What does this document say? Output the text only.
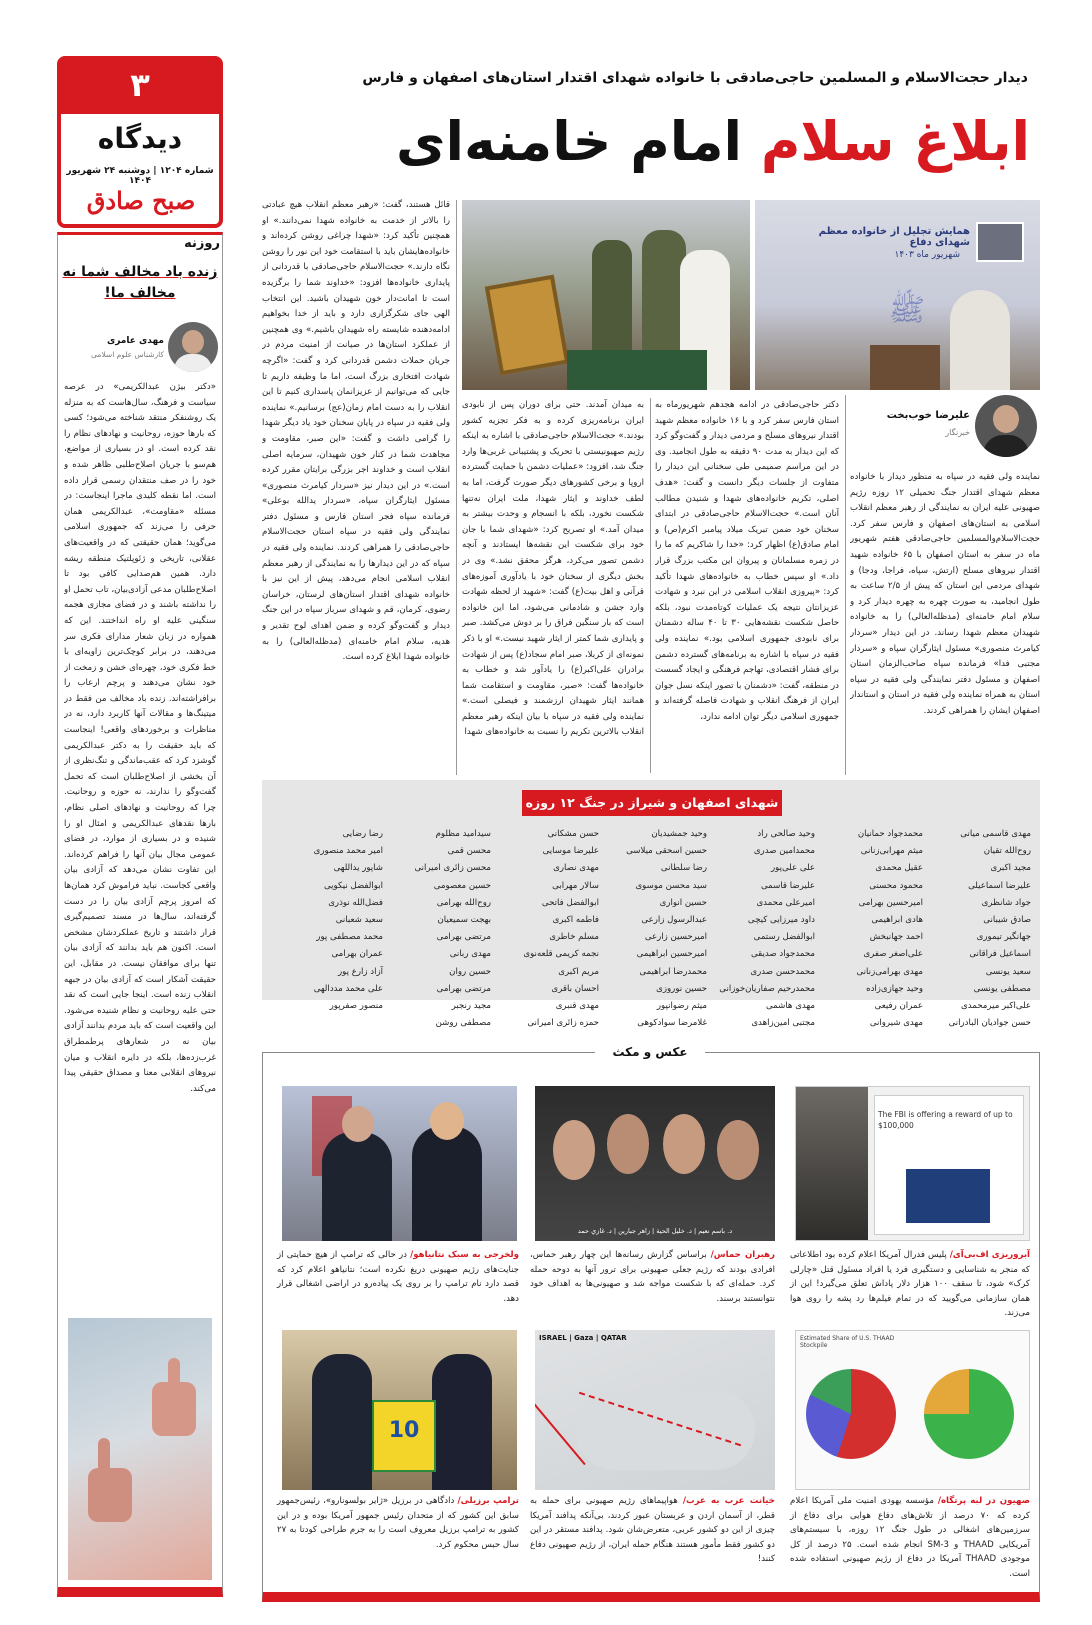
۳
دیدگاه
شماره ۱۲۰۴ | دوشنبه ۲۴ شهریور ۱۴۰۴
صبح صادق
دیدار حجت‌الاسلام و المسلمین حاجی‌صادقی با خانواده شهدای اقتدار استان‌های اصفهان و فارس
ابلاغ سلام امام خامنه‌ای
همایش تجلیل از خانواده معظم شهدای دفاع
شهریور ماه ۱۴۰۳
ﷺ
علیرضا خوب‌بخت
خبرنگار
نماینده ولی فقیه در سپاه به منظور دیدار با خانواده معظم شهدای اقتدار جنگ تحمیلی ۱۲ روزه رژیم صهیونی علیه ایران به نمایندگی از رهبر معظم انقلاب اسلامی به استان‌های اصفهان و فارس سفر کرد. حجت‌الاسلام‌والمسلمین حاجی‌صادقی هفتم شهریور ماه در سفر به استان اصفهان با ۶۵ خانواده شهید اقتدار نیروهای مسلح (ارتش، سپاه، فراجا، ودجا) و شهدای مردمی این استان که پیش از ۲/۵ ساعت به طول انجامید، به صورت چهره به چهره دیدار کرد و سلام امام خامنه‌ای (مدظله‌العالی) را به خانواده شهیدان معظم شهدا رساند. در این دیدار «سردار کیامرث منصوری» مسئول ایثارگران سپاه و «سردار مجتبی فدا» فرمانده سپاه صاحب‌الزمان استان اصفهان و مسئول دفتر نمایندگی ولی فقیه در سپاه استان به همراه نماینده ولی فقیه در استان و استاندار اصفهان ایشان را همراهی کردند.
دکتر حاجی‌صادقی در ادامه هجدهم شهریورماه به استان فارس سفر کرد و با ۱۶ خانواده معظم شهید اقتدار نیروهای مسلح و مردمی دیدار و گفت‌وگو کرد که این دیدار به مدت ۹۰ دقیقه به طول انجامید. وی در این مراسم صمیمی طی سخنانی این دیدار را متفاوت از جلسات دیگر دانست و گفت: «هدف اصلی، تکریم خانواده‌های شهدا و شنیدن مطالب آنان است.» حجت‌الاسلام حاجی‌صادقی در ابتدای سخنان خود ضمن تبریک میلاد پیامبر اکرم(ص) و امام صادق(ع) اظهار کرد: «خدا را شاکریم که ما را در زمره مسلمانان و پیروان این مکتب بزرگ قرار داد.» او سپس خطاب به خانواده‌های شهدا تأکید کرد: «پیروزی انقلاب اسلامی در این نبرد و شهادت عزیزانتان نتیجه یک عملیات کوتاه‌مدت نبود، بلکه حاصل شکست نقشه‌هایی ۳۰ تا ۴۰ ساله دشمنان برای نابودی جمهوری اسلامی بود.» نماینده ولی فقیه در سپاه با اشاره به برنامه‌های گسترده دشمن برای فشار اقتصادی، تهاجم فرهنگی و ایجاد گسست در منطقه، گفت: «دشمنان با تصور اینکه نسل جوان ایران از فرهنگ انقلاب و شهادت فاصله گرفته‌اند و جمهوری اسلامی دیگر توان ادامه ندارد،
به میدان آمدند. حتی برای دوران پس از نابودی ایران برنامه‌ریزی کرده و به فکر تجزیه کشور بودند.» حجت‌الاسلام حاجی‌صادقی با اشاره به اینکه رژیم صهیونیستی با تحریک و پشتیبانی غربی‌ها وارد جنگ شد، افزود: «عملیات دشمن با حمایت گسترده اروپا و برخی کشورهای دیگر صورت گرفت، اما به لطف خداوند و ایثار شهدا، ملت ایران نه‌تنها شکست نخورد، بلکه با انسجام و وحدت بیشتر به میدان آمد.» او تصریح کرد: «شهدای شما با جان خود برای شکست این نقشه‌ها ایستادند و آنچه دشمن تصور می‌کرد، هرگز محقق نشد.» وی در بخش دیگری از سخنان خود با یادآوری آموزه‌های قرآنی و اهل بیت(ع) گفت: «شهید از لحظه شهادت وارد جشن و شادمانی می‌شود، اما این خانواده است که بار سنگین فراق را بر دوش می‌کشد. صبر و پایداری شما کمتر از ایثار شهید نیست.» او با ذکر نمونه‌ای از کربلا، صبر امام سجاد(ع) پس از شهادت برادران علی‌اکبر(ع) را یادآور شد و خطاب به خانواده‌ها گفت: «صبر، مقاومت و استقامت شما همانند ایثار شهیدان ارزشمند و فیصلی است.» نماینده ولی فقیه در سپاه با بیان اینکه رهبر معظم انقلاب بالاترین تکریم را نسبت به خانواده‌های شهدا
قائل هستند، گفت: «رهبر معظم انقلاب هیچ عبادتی را بالاتر از خدمت به خانواده شهدا نمی‌دانند.» او همچنین تأکید کرد: «شهدا چراغی روشن کرده‌اند و خانواده‌هایشان باید با استقامت خود این نور را روشن نگاه دارند.» حجت‌الاسلام حاجی‌صادقی با قدردانی از پایداری خانواده‌ها افزود: «خداوند شما را برگزیده است تا امانت‌دار خون شهیدان باشید. این انتخاب الهی جای شکرگزاری دارد و باید از خدا بخواهیم ادامه‌دهنده شایسته راه شهیدان باشیم.» وی همچنین از عملکرد استان‌ها در صیانت از امنیت مردم در جریان حملات دشمن قدردانی کرد و گفت: «اگرچه شهادت افتخاری بزرگ است، اما ما وظیفه داریم تا جایی که می‌توانیم از عزیزانمان پاسداری کنیم تا این انقلاب را به دست امام زمان(عج) برسانیم.» نماینده ولی فقیه در سپاه در پایان سخنان خود یاد دیگر شهدا را گرامی داشت و گفت: «این صبر، مقاومت و مجاهدت شما در کنار خون شهیدان، سرمایه اصلی انقلاب است و خداوند اجر بزرگی برایتان مقرر کرده است.» در این دیدار نیز «سردار کیامرث منصوری» مسئول ایثارگران سپاه، «سردار یدالله بوعلی» فرمانده سپاه فجر استان فارس و مسئول دفتر نمایندگی ولی فقیه در سپاه استان حجت‌الاسلام حاجی‌صادقی را همراهی کردند. نماینده ولی فقیه در سپاه که در این دیدارها را به نمایندگی از رهبر معظم انقلاب اسلامی انجام می‌دهد، پیش از این نیز با خانواده شهدای اقتدار استان‌های لرستان، خراسان رضوی، کرمان، قم و شهدای سرباز سپاه در این جنگ دیدار و گفت‌وگو کرده و ضمن اهدای لوح تقدیر و هدیه، سلام امام خامنه‌ای (مدظله‌العالی) را به خانواده شهدا ابلاغ کرده است.
روزنه
زنده باد مخالف شما نه مخالف ما!
مهدی عامری
کارشناس علوم اسلامی
«دکتر بیژن عبدالکریمی» در عرصه سیاست و فرهنگ، سال‌هاست که به منزله یک روشنفکر منتقد شناخته می‌شود؛ کسی که بارها حوزه، روحانیت و نهادهای نظام را نقد کرده است. او در بسیاری از مواضع، هم‌سو با جریان اصلاح‌طلبی ظاهر شده و خود را در صف منتقدان رسمی قرار داده است. اما نقطه کلیدی ماجرا اینجاست: در مسئله «مقاومت»، عبدالکریمی همان حرفی را می‌زند که جمهوری اسلامی می‌گوید؛ همان حقیقتی که در واقعیت‌های عقلانی، تاریخی و ژئوپلتیک منطقه ریشه دارد. همین هم‌صدایی کافی بود تا اصلاح‌طلبان مدعی آزادی‌بیان، تاب تحمل او را نداشته باشند و در فضای مجازی هجمه سنگینی علیه او راه انداختند. این که همواره در زبان شعار مدارای فکری سر می‌دهند، در برابر کوچک‌ترین زاویه‌ای با خط فکری خود، چهره‌ای خشن و زمخت از خود نشان می‌دهند و پرچم ارعاب را برافراشته‌اند. زنده باد مخالف من فقط در میتینگ‌ها و مقالات آنها کاربرد دارد، نه در مناظرات و برخوردهای واقعی! اینجاست که باید حقیقت را به دکتر عبدالکریمی گوشزد کرد که عقب‌ماندگی و تنگ‌نظری از آن بخشی از اصلاح‌طلبان است که تحمل گفت‌وگو را ندارند، نه حوزه و روحانیت. چرا که روحانیت و نهادهای اصلی نظام، بارها نقدهای عبدالکریمی و امثال او را شنیده و در بسیاری از موارد، در فضای عمومی مجال بیان آنها را فراهم کرده‌اند. این تفاوت نشان می‌دهد که آزادی بیان واقعی کجاست. نباید فراموش کرد همان‌ها که امروز پرچم آزادی بیان را در دست گرفته‌اند، سال‌ها در مسند تصمیم‌گیری قرار داشتند و تاریخ عملکردشان مشخص است. اکنون هم باید بدانند که آزادی بیان تنها برای موافقان نیست. در مقابل، این حقیقت آشکار است که آزادی بیان در جبهه انقلاب زنده است. اینجا جایی است که نقد حتی علیه روحانیت و نظام شنیده می‌شود. این واقعیت است که باید مردم بدانند آزادی بیان نه در شعارهای پرطمطراق غرب‌زده‌ها، بلکه در دایره انقلاب و میان نیروهای انقلابی معنا و مصداق حقیقی پیدا می‌کند.
شهدای اصفهان و شیراز در جنگ ۱۲ روزه
مهدی قاسمی میانی
روح‌الله تقیان
مجید اکبری
علیرضا اسماعیلی
جواد شانظری
صادق شیبانی
جهانگیر تیموری
اسماعیل فراقانی
سعید یونسی
مصطفی یونسی
علی‌اکبر میرمحمدی
حسن جوادیان البادرانی
محمدجواد حمانیان
میثم مهرابی‌زنانی
عقیل محمدی
محمود محسنی
امیرحسین بهرامی
هادی ابراهیمی
احمد جهانبخش
علی‌اصغر صفری
مهدی بهرامی‌زنانی
وحید جهازی‌زاده
عمران رفیعی
مهدی شیروانی
وحید صالحی راد
محمدامین صدری
علی علی‌پور
علیرضا قاسمی
امیرعلی محمدی
داود میرزایی کیچی
ابوالفضل رستمی
محمدجواد صدیقی
محمدحسن صدری
محمدرحیم صفاریان‌خوزانی
مهدی هاشمی
مجتبی امین‌زاهدی
وحید جمشیدیان
حسین اسحقی میلاسی
رضا سلطانی
سید محسن موسوی
حسین انواری
عبدالرسول زارعی
امیرحسین زارعی
امیرحسین ابراهیمی
محمدرضا ابراهیمی
حسین نوروزی
میثم رضوانپور
غلامرضا سوادکوهی
حسن مشکانی
علیرضا موسایی
مهدی نصاری
سالار مهرابی
ابوالفضل فاتحی
فاطمه اکبری
مسلم خاطری
نجمه کریمی قلعه‌نوی
مریم اکبری
احسان باقری
مهدی قنبری
حمزه زائری امیرانی
سیدامید مظلوم
محسن قمی
محسن زائری امیرانی
حسین معصومی
روح‌الله بهرامی
بهجت سمیعیان
مرتضی بهرامی
مهدی ربانی
حسین روان
مرتضی بهرامی
مجید رنجبر
مصطفی روشن
رضا رضایی
امیر محمد منصوری
شاپور یداللهی
ابوالفضل نیکویی
فضل‌الله نوذری
سعید شعبانی
محمد مصطفی پور
عمران بهرامی
آزاد زارع پور
علی محمد مددالهی
منصور صفرپور
عکس و مکث
The FBI is offering a reward of up to $100,000
د. باسم نعیم | د. خلیل الحیة | زاهر جبارین | د. غازي حمد
آبروریزی اف‌بی‌آی/ پلیس فدرال آمریکا اعلام کرده بود اطلاعاتی که منجر به شناسایی و دستگیری فرد یا افراد مسئول قتل «چارلی کرک» شود، تا سقف ۱۰۰ هزار دلار پاداش تعلق می‌گیرد! این از همان سازمانی می‌گویید که در تمام فیلم‌ها رد پشه را روی هوا می‌زند.
رهبران حماس/ براساس گزارش رسانه‌ها این چهار رهبر حماس، افرادی بودند که رژیم جعلی صهیونی برای ترور آنها به دوحه حمله کرد. حمله‌ای که با شکست مواجه شد و صهیونی‌ها به اهداف خود نتوانستند برسند.
ولخرجی به سبک نتانیاهو/ در حالی که ترامپ از هیچ حمایتی از جنایت‌های رژیم صهیونی دریغ نکرده است؛ نتانیاهو اعلام کرد که قصد دارد نام ترامپ را بر روی یک پیاده‌رو در اراضی اشغالی قرار دهد.
Estimated Share of U.S. THAAD Stockpile
ISRAEL | Gaza | QATAR
10
صهیون در لبه پرتگاه/ مؤسسه یهودی امنیت ملی آمریکا اعلام کرده که ۷۰ درصد از تلاش‌های دفاع هوایی برای دفاع از سرزمین‌های اشغالی در طول جنگ ۱۲ روزه، با سیستم‌های آمریکایی THAAD و SM-3 انجام شده است. ۲۵ درصد از کل موجودی THAAD آمریکا در دفاع از رژیم صهیونی استفاده شده است.
خیانت عرب به عرب/ هواپیماهای رژیم صهیونی برای حمله به قطر، از آسمان اردن و عربستان عبور کردند، بی‌آنکه پدافند آمریکا چیزی از این دو کشور عربی، متعرض‌شان شود. پدافند مستقر در این دو کشور فقط مأمور هستند هنگام حمله ایران، از رژیم صهیونی دفاع کنند!
ترامپ برزیلی/ دادگاهی در برزیل «ژایر بولسونارو»، رئیس‌جمهور سابق این کشور که از متحدان رئیس جمهور آمریکا بوده و در این کشور به ترامپ برزیل معروف است را به جرم طراحی کودتا به ۲۷ سال حبس محکوم کرد.
